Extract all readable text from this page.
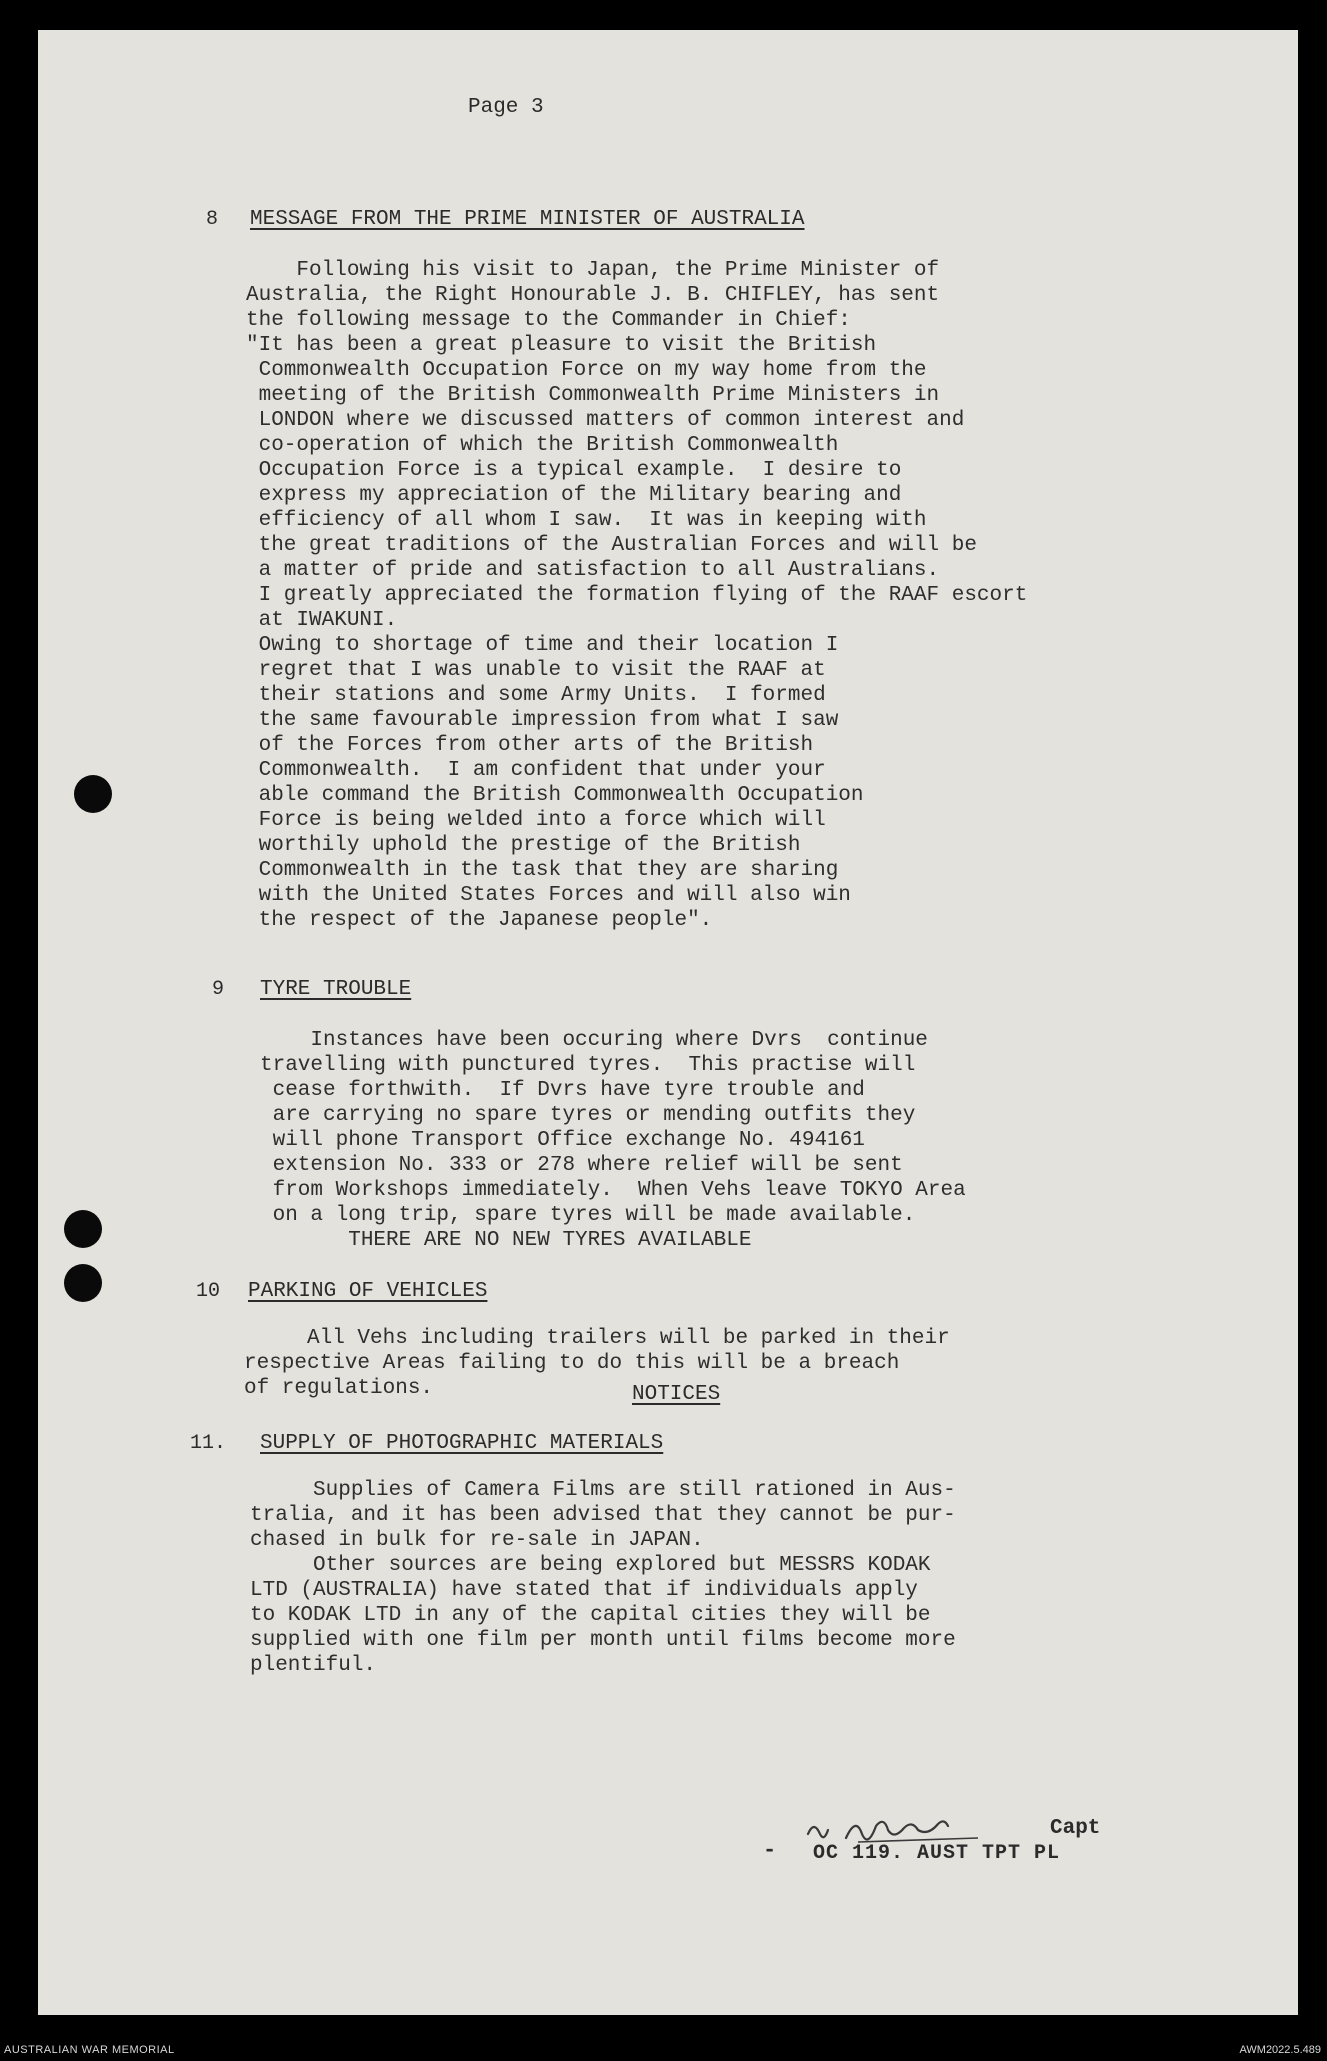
Page 3
8 MESSAGE FROM THE PRIME MINISTER OF AUSTRALIA
Following his visit to Japan, the Prime Minister of
Australia, the Right Honourable J. B. CHIFLEY, has sent
the following message to the Commander in Chief:
"It has been a great pleasure to visit the British
Commonwealth Occupation Force on my way home from the
meeting of the British Commonwealth Prime Ministers in
LONDON where we discussed matters of common interest and
co-operation of which the British Commonwealth
Occupation Force is a typical example.  I desire to
express my appreciation of the Military bearing and
efficiency of all whom I saw.  It was in keeping with
the great traditions of the Australian Forces and will be
a matter of pride and satisfaction to all Australians.
I greatly appreciated the formation flying of the RAAF escort
at IWAKUNI.
Owing to shortage of time and their location I
regret that I was unable to visit the RAAF at
their stations and some Army Units.  I formed
the same favourable impression from what I saw
of the Forces from other arts of the British
Commonwealth.  I am confident that under your
able command the British Commonwealth Occupation
Force is being welded into a force which will
worthily uphold the prestige of the British
Commonwealth in the task that they are sharing
with the United States Forces and will also win
the respect of the Japanese people".
9 TYRE TROUBLE
Instances have been occuring where Dvrs  continue
travelling with punctured tyres.  This practise will
cease forthwith.  If Dvrs have tyre trouble and
are carrying no spare tyres or mending outfits they
will phone Transport Office exchange No. 494161
extension No. 333 or 278 where relief will be sent
from Workshops immediately.  When Vehs leave TOKYO Area
on a long trip, spare tyres will be made available.
THERE ARE NO NEW TYRES AVAILABLE
10 PARKING OF VEHICLES
All Vehs including trailers will be parked in their
respective Areas failing to do this will be a breach
of regulations.	NOTICES
11. SUPPLY OF PHOTOGRAPHIC MATERIALS
Supplies of Camera Films are still rationed in Aus-
tralia, and it has been advised that they cannot be pur-
chased in bulk for re-sale in JAPAN.
Other sources are being explored but MESSRS KODAK
LTD (AUSTRALIA) have stated that if individuals apply
to KODAK LTD in any of the capital cities they will be
supplied with one film per month until films become more
plentiful.
Capt
- OC 119. AUST TPT PL
AUSTRALIAN WAR MEMORIAL	AWM2022.5.489
